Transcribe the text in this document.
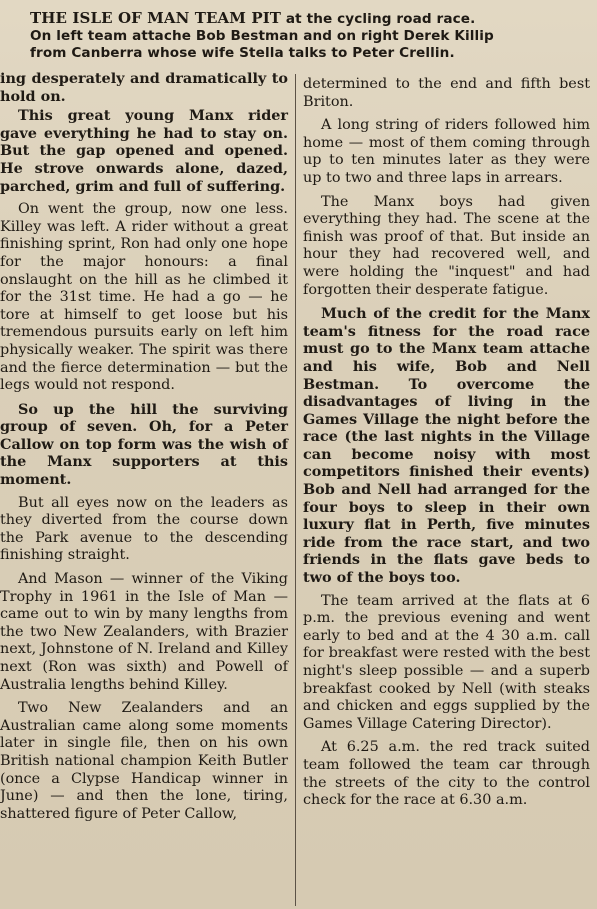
THE ISLE OF MAN TEAM PIT at the cycling road race.
On left team attache Bob Bestman and on right Derek Killip
from Canberra whose wife Stella talks to Peter Crellin.

ing desperately and dramatically to hold on.

This great young Manx rider gave everything he had to stay on. But the gap opened and opened. He strove onwards alone, dazed, parched, grim and full of suffering.

On went the group, now one less. Killey was left. A rider without a great finishing sprint, Ron had only one hope for the major honours: a final onslaught on the hill as he climbed it for the 31st time. He had a go — he tore at himself to get loose but his tremendous pursuits early on left him physically weaker. The spirit was there and the fierce determination — but the legs would not respond.

So up the hill the surviving group of seven. Oh, for a Peter Callow on top form was the wish of the Manx supporters at this moment.

But all eyes now on the leaders as they diverted from the course down the Park avenue to the descending finishing straight.

And Mason — winner of the Viking Trophy in 1961 in the Isle of Man — came out to win by many lengths from the two New Zealanders, with Brazier next, Johnstone of N. Ireland and Killey next (Ron was sixth) and Powell of Australia lengths behind Killey.

Two New Zealanders and an Australian came along some moments later in single file, then on his own British national champion Keith Butler (once a Clypse Handicap winner in June) — and then the lone, tiring, shattered figure of Peter Callow,

determined to the end and fifth best Briton.

A long string of riders followed him home — most of them coming through up to ten minutes later as they were up to two and three laps in arrears.

The Manx boys had given everything they had. The scene at the finish was proof of that. But inside an hour they had recovered well, and were holding the "inquest" and had forgotten their desperate fatigue.

Much of the credit for the Manx team's fitness for the road race must go to the Manx team attache and his wife, Bob and Nell Bestman. To overcome the disadvantages of living in the Games Village the night before the race (the last nights in the Village can become noisy with most competitors finished their events) Bob and Nell had arranged for the four boys to sleep in their own luxury flat in Perth, five minutes ride from the race start, and two friends in the flats gave beds to two of the boys too.

The team arrived at the flats at 6 p.m. the previous evening and went early to bed and at the 4 30 a.m. call for breakfast were rested with the best night's sleep possible — and a superb breakfast cooked by Nell (with steaks and chicken and eggs supplied by the Games Village Catering Director).

At 6.25 a.m. the red track suited team followed the team car through the streets of the city to the control check for the race at 6.30 a.m.
